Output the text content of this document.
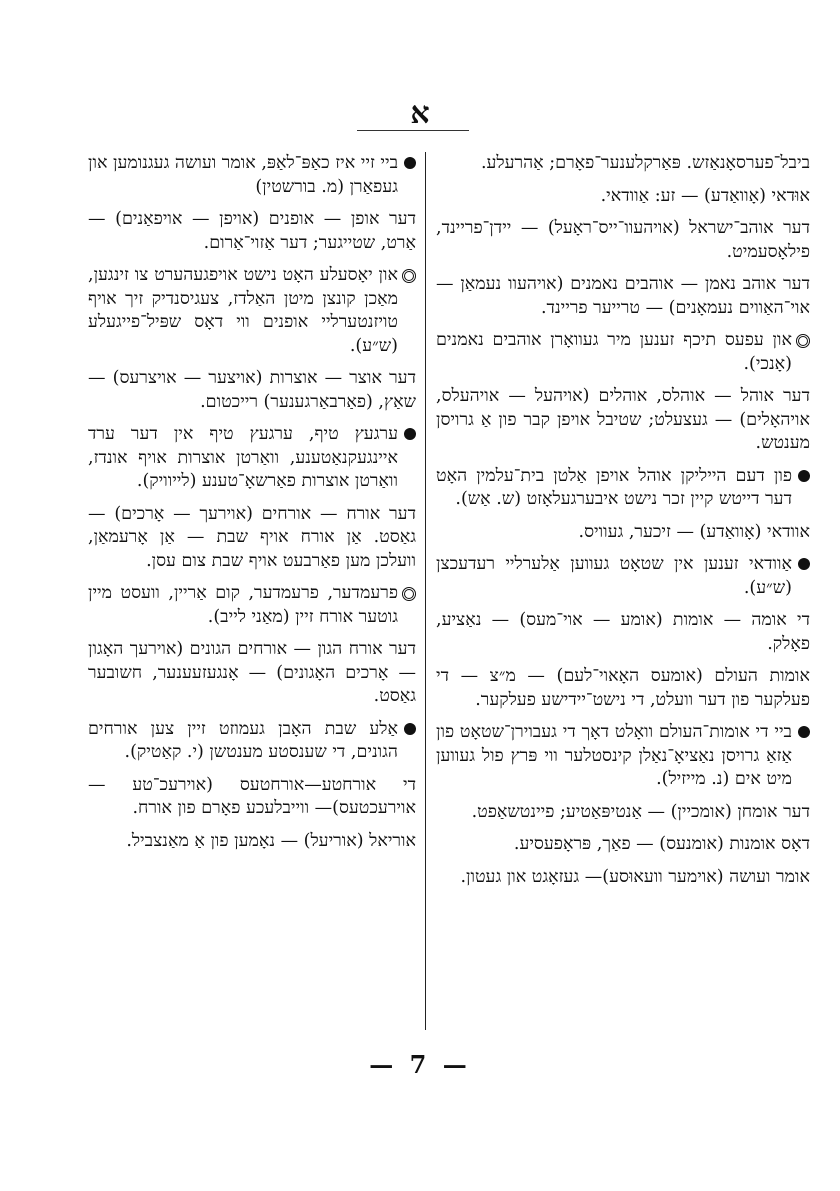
א
ביבל־פערסאָנאַזש. פּאַרקלענער־פאָרם; אַהרעלע.
אוּדאי (אָוואַדע) — זע: אַוודאי.
דער אוהב־ישראל (אויהעוו־ייס־ראָעל) — יידן־פריינד, פילאָסעמיט.
דער אוהב נאמן — אוהבים נאמנים (אויהעוו נעמאַן — אוי־האַווים נעמאָנים) — טרייער פריינד.
און עפעס תיכף זענען מיר געוואָרן אוהבים נאמנים (אָנכי).
דער אוהל — אוהלס, אוהלים (אויהעל — אויהעלס, אויהאָלים) — געצעלט; שטיבל אויפן קבר פון אַ גרויסן מענטש.
פון דעם הייליקן אוהל אויפן אַלטן בית־עלמין האָט דער דייטש קיין זכר נישט איבערגעלאָזט (ש. אַש).
אוודאי (אָוואַדע) — זיכער, געוויס.
אַוודאי זענען אין שטאָט געווען אַלערליי רעדעכצן (ש״ע).
די אומה — אומות (אומע — אוי־מעס) — נאַציע, פאָלק.
אומות העולם (אומעס האָאוי־לעם) — מ״צ — די פעלקער פון דער וועלט, די נישט־יידישע פעלקער.
ביי די אומות־העולם וואָלט דאָך די געבוירן־שטאָט פון אַזאַ גרויסן נאַציאָ־נאַלן קינסטלער ווי פּרץ פול געווען מיט אים (נ. מייזיל).
דער אומחן (אומכיין) — אַנטיפּאַטיע; פיינטשאַפט.
דאָס אומנות (אומנעס) — פאַך, פּראָפעסיע.
אומר ועושה (אוימער וועאוּסע)— געזאָגט און געטון.
ביי זיי איז כאַפּ־לאַפּ, אומר ועושה געגנומען און געפאַרן (מ. בורשטין)
דער אופן — אופנים (אויפן — אויפאַנים) — אַרט, שטייגער; דער אַזוי־אַרום.
און יאָסעלע האָט נישט אויפגעהערט צו זינגען, מאַכן קונצן מיטן האַלדז, צעגיסנדיק זיך אויף טויזנטערליי אופנים ווי דאָס שפּיל־פייגעלע (ש״ע).
דער אוצר — אוצרות (אויצער — אויצרעס) — שאַץ, (פאַרבאַרגענער) רייכטום.
ערגעץ טיף, ערגעץ טיף אין דער ערד איינגעקנאַטענע, וואַרטן אוצרות אויף אונדז, וואַרטן אוצרות פאַרשאָ־טענע (לייוויק).
דער אורח — אורחים (אוירעך — אָרכים) — גאַסט. אַן אורח אויף שבת — אַן אָרעמאַן, וועלכן מען פאַרבעט אויף שבת צום עסן.
פרעמדער, פרעמדער, קום אַריין, וועסט מיין גוטער אורח זיין (מאַני לייב).
דער אורח הגון — אורחים הגונים (אוירעך האָגון — אָרכים האָגונים) — אָנגעזעענער, חשובער גאַסט.
אַלע שבת האָבן געמוזט זיין צען אורחים הגונים, די שענסטע מענטשן (י. קאַטיק).
די אורחטע—אורחטעס (אוירעכ־טע — אוירעכטעס)— ווייבלעכע פאָרם פון אורח.
אוריאל (אוריעל) — נאָמען פון אַ מאַנצביל.
— 7 —
